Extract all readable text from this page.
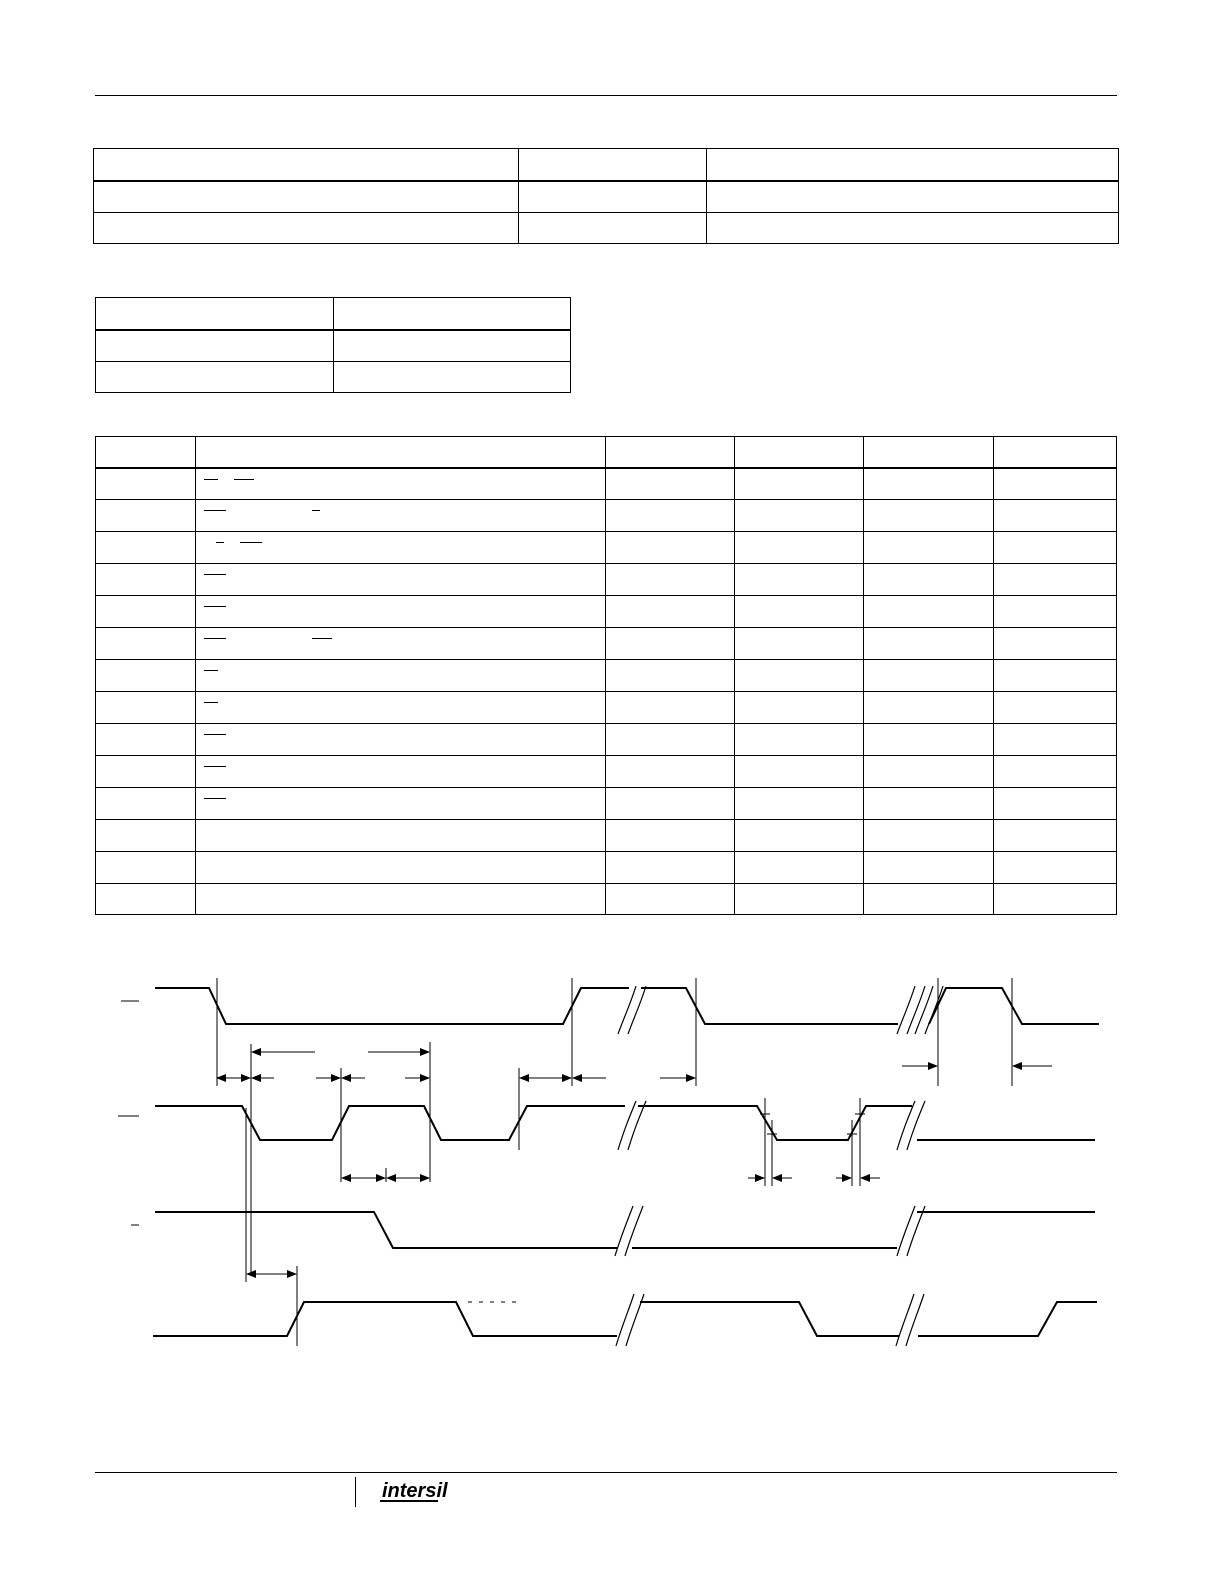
intersil
